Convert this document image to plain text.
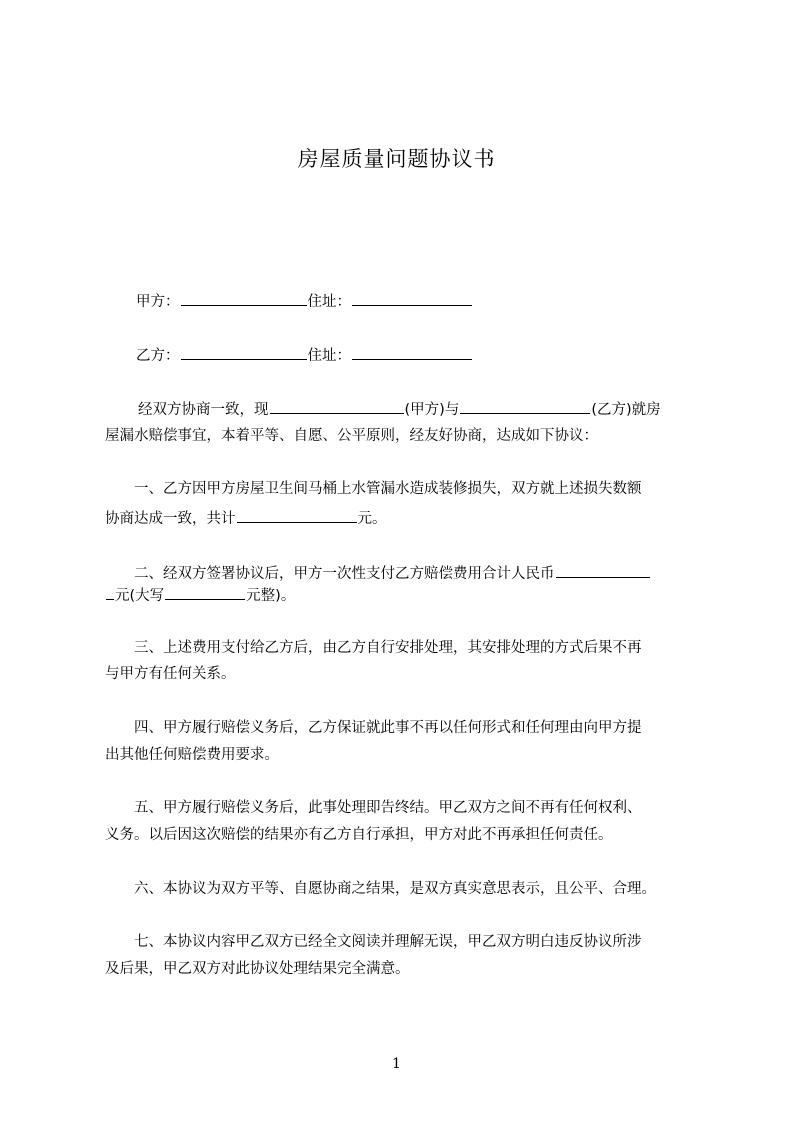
房屋质量问题协议书
甲方：	住址：
乙方：	住址：
经双方协商一致，现	(甲方)与	(乙方)就房
屋漏水赔偿事宜，本着平等、自愿、公平原则，经友好协商，达成如下协议：
一、乙方因甲方房屋卫生间马桶上水管漏水造成装修损失，双方就上述损失数额
协商达成一致，共计	元。
二、经双方签署协议后，甲方一次性支付乙方赔偿费用合计人民币
元(大写	元整)。
三、上述费用支付给乙方后，由乙方自行安排处理，其安排处理的方式后果不再
与甲方有任何关系。
四、甲方履行赔偿义务后，乙方保证就此事不再以任何形式和任何理由向甲方提
出其他任何赔偿费用要求。
五、甲方履行赔偿义务后，此事处理即告终结。甲乙双方之间不再有任何权利、
义务。以后因这次赔偿的结果亦有乙方自行承担，甲方对此不再承担任何责任。
六、本协议为双方平等、自愿协商之结果，是双方真实意思表示，且公平、合理。
七、本协议内容甲乙双方已经全文阅读并理解无误，甲乙双方明白违反协议所涉
及后果，甲乙双方对此协议处理结果完全满意。
1
